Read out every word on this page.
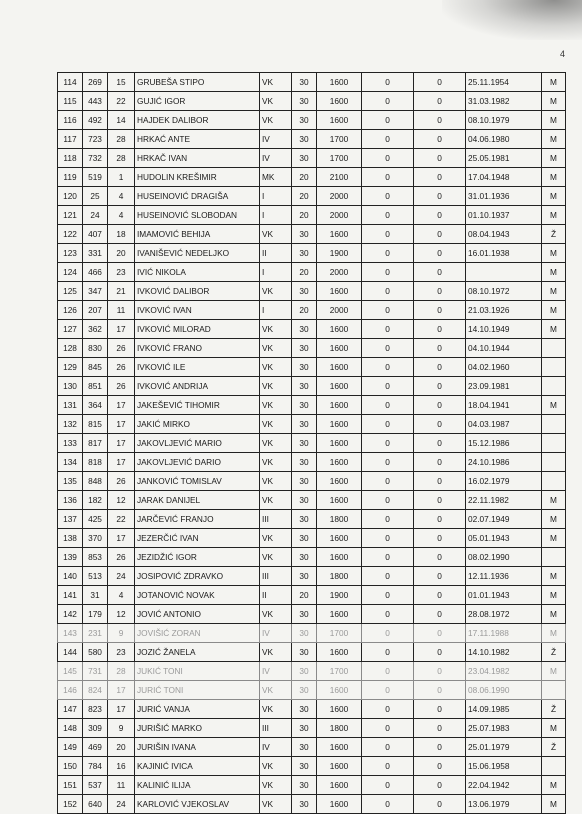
4
114	269	15	GRUBEŠA STIPO	VK	30	1600	0	0	25.11.1954	M
115	443	22	GUJIĆ IGOR	VK	30	1600	0	0	31.03.1982	M
116	492	14	HAJDEK DALIBOR	VK	30	1600	0	0	08.10.1979	M
117	723	28	HRKAĆ ANTE	IV	30	1700	0	0	04.06.1980	M
118	732	28	HRKAČ IVAN	IV	30	1700	0	0	25.05.1981	M
119	519	1	HUDOLIN KREŠIMIR	MK	20	2100	0	0	17.04.1948	M
120	25	4	HUSEINOVIĆ DRAGIŠA	I	20	2000	0	0	31.01.1936	M
121	24	4	HUSEINOVIĆ SLOBODAN	I	20	2000	0	0	01.10.1937	M
122	407	18	IMAMOVIĆ BEHIJA	VK	30	1600	0	0	08.04.1943	Ž
123	331	20	IVANIŠEVIĆ NEDELJKO	II	30	1900	0	0	16.01.1938	M
124	466	23	IVIĆ NIKOLA	I	20	2000	0	0		M
125	347	21	IVKOVIĆ DALIBOR	VK	30	1600	0	0	08.10.1972	M
126	207	11	IVKOVIĆ IVAN	I	20	2000	0	0	21.03.1926	M
127	362	17	IVKOVIĆ MILORAD	VK	30	1600	0	0	14.10.1949	M
128	830	26	IVKOVIĆ FRANO	VK	30	1600	0	0	04.10.1944	
129	845	26	IVKOVIĆ ILE	VK	30	1600	0	0	04.02.1960	
130	851	26	IVKOVIĆ ANDRIJA	VK	30	1600	0	0	23.09.1981	
131	364	17	JAKEŠEVIĆ TIHOMIR	VK	30	1600	0	0	18.04.1941	M
132	815	17	JAKIĆ MIRKO	VK	30	1600	0	0	04.03.1987	
133	817	17	JAKOVLJEVIĆ MARIO	VK	30	1600	0	0	15.12.1986	
134	818	17	JAKOVLJEVIĆ DARIO	VK	30	1600	0	0	24.10.1986	
135	848	26	JANKOVIĆ TOMISLAV	VK	30	1600	0	0	16.02.1979	
136	182	12	JARAK DANIJEL	VK	30	1600	0	0	22.11.1982	M
137	425	22	JARČEVIĆ FRANJO	III	30	1800	0	0	02.07.1949	M
138	370	17	JEZERČIĆ IVAN	VK	30	1600	0	0	05.01.1943	M
139	853	26	JEZIDŽIĆ IGOR	VK	30	1600	0	0	08.02.1990	
140	513	24	JOSIPOVIĆ ZDRAVKO	III	30	1800	0	0	12.11.1936	M
141	31	4	JOTANOVIĆ NOVAK	II	20	1900	0	0	01.01.1943	M
142	179	12	JOVIĆ ANTONIO	VK	30	1600	0	0	28.08.1972	M
143	231	9	JOVIŠIĆ ZORAN	IV	30	1700	0	0	17.11.1988	M
144	580	23	JOZIĆ ŽANELA	VK	30	1600	0	0	14.10.1982	Ž
145	731	28	JUKIĆ TONI	IV	30	1700	0	0	23.04.1982	M
146	824	17	JURIĆ TONI	VK	30	1600	0	0	08.06.1990	
147	823	17	JURIĆ VANJA	VK	30	1600	0	0	14.09.1985	Ž
148	309	9	JURIŠIĆ MARKO	III	30	1800	0	0	25.07.1983	M
149	469	20	JURIŠIN IVANA	IV	30	1600	0	0	25.01.1979	Ž
150	784	16	KAJINIĆ IVICA	VK	30	1600	0	0	15.06.1958	
151	537	11	KALINIĆ ILIJA	VK	30	1600	0	0	22.04.1942	M
152	640	24	KARLOVIĆ VJEKOSLAV	VK	30	1600	0	0	13.06.1979	M
